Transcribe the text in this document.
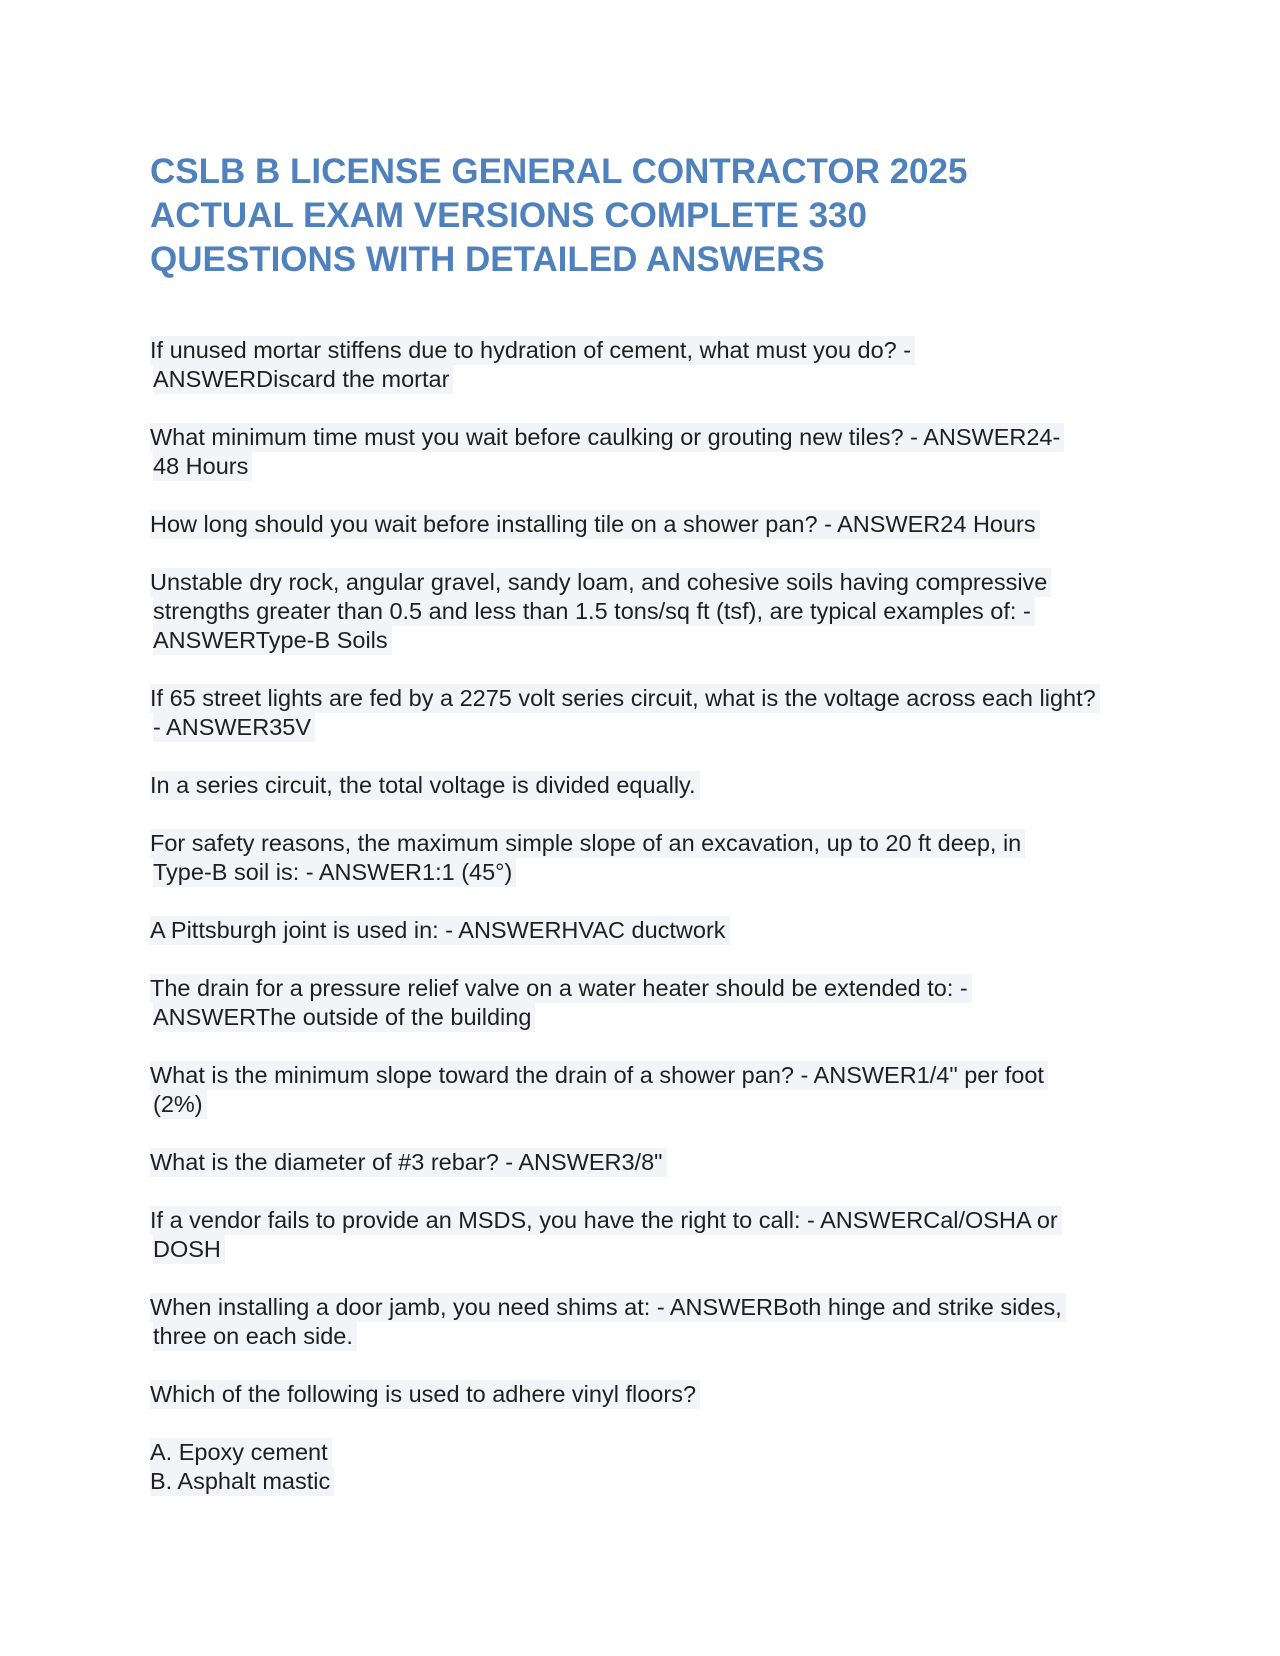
CSLB B LICENSE GENERAL CONTRACTOR 2025
ACTUAL EXAM VERSIONS COMPLETE 330
QUESTIONS WITH DETAILED ANSWERS

If unused mortar stiffens due to hydration of cement, what must you do? -
ANSWERDiscard the mortar

What minimum time must you wait before caulking or grouting new tiles? - ANSWER24-
48 Hours

How long should you wait before installing tile on a shower pan? - ANSWER24 Hours

Unstable dry rock, angular gravel, sandy loam, and cohesive soils having compressive
strengths greater than 0.5 and less than 1.5 tons/sq ft (tsf), are typical examples of: -
ANSWERType-B Soils

If 65 street lights are fed by a 2275 volt series circuit, what is the voltage across each light?
- ANSWER35V

In a series circuit, the total voltage is divided equally.

For safety reasons, the maximum simple slope of an excavation, up to 20 ft deep, in
Type-B soil is: - ANSWER1:1 (45°)

A Pittsburgh joint is used in: - ANSWERHVAC ductwork

The drain for a pressure relief valve on a water heater should be extended to: -
ANSWERThe outside of the building

What is the minimum slope toward the drain of a shower pan? - ANSWER1/4" per foot
(2%)

What is the diameter of #3 rebar? - ANSWER3/8"

If a vendor fails to provide an MSDS, you have the right to call: - ANSWERCal/OSHA or
DOSH

When installing a door jamb, you need shims at: - ANSWERBoth hinge and strike sides,
three on each side.

Which of the following is used to adhere vinyl floors?

A. Epoxy cement
B. Asphalt mastic
